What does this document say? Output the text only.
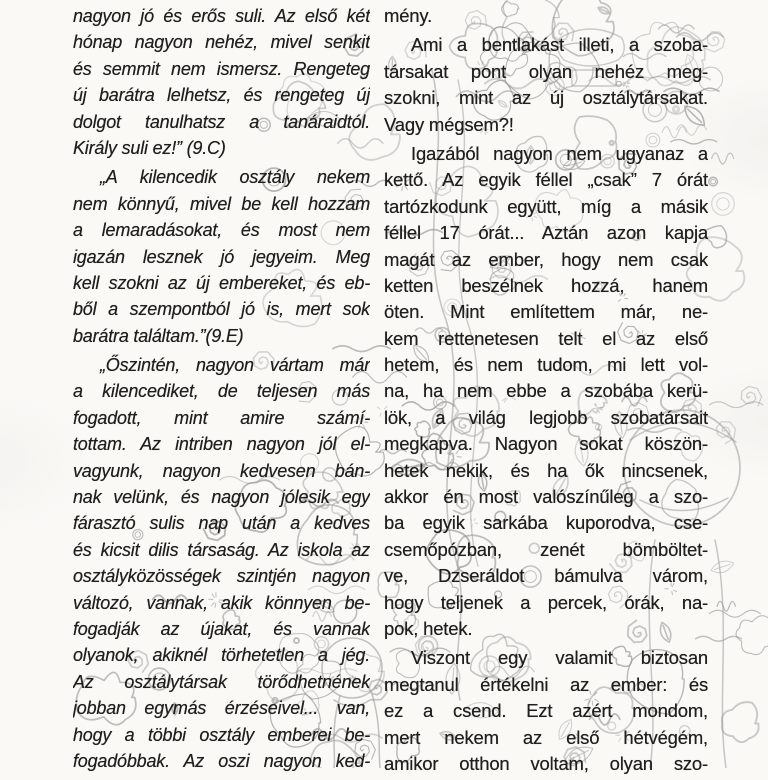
nagyon jó és erős suli. Az első két
hónap nagyon nehéz, mivel senkit
és semmit nem ismersz. Rengeteg
új barátra lelhetsz, és rengeteg új
dolgot tanulhatsz a tanáraidtól.
Király suli ez!” (9.C)
„A kilencedik osztály nekem
nem könnyű, mivel be kell hozzam
a lemaradásokat, és most nem
igazán lesznek jó jegyeim. Meg
kell szokni az új embereket, és eb-
ből a szempontból jó is, mert sok
barátra találtam.”(9.E)
„Őszintén, nagyon vártam már
a kilencediket, de teljesen más
fogadott, mint amire számí-
tottam. Az intriben nagyon jól el-
vagyunk, nagyon kedvesen bán-
nak velünk, és nagyon jólesik egy
fárasztó sulis nap után a kedves
és kicsit dilis társaság. Az iskola az
osztályközösségek szintjén nagyon
változó, vannak, akik könnyen be-
fogadják az újakat, és vannak
olyanok, akiknél törhetetlen a jég.
Az osztálytársak törődhetnének
jobban egymás érzéseivel... van,
hogy a többi osztály emberei be-
fogadóbbak. Az oszi nagyon ked-
mény.
Ami a bentlakást illeti, a szoba-
társakat pont olyan nehéz meg-
szokni, mint az új osztálytársakat.
Vagy mégsem?!
Igazából nagyon nem ugyanaz a
kettő. Az egyik féllel „csak” 7 órát
tartózkodunk együtt, míg a másik
féllel 17 órát... Aztán azon kapja
magát az ember, hogy nem csak
ketten beszélnek hozzá, hanem
öten. Mint említettem már, ne-
kem rettenetesen telt el az első
hetem, és nem tudom, mi lett vol-
na, ha nem ebbe a szobába kerü-
lök, a világ legjobb szobatársait
megkapva. Nagyon sokat köszön-
hetek nekik, és ha ők nincsenek,
akkor én most valószínűleg a szo-
ba egyik sarkába kuporodva, cse-
csemőpózban, zenét bömböltet-
ve, Dzseráldot bámulva várom,
hogy teljenek a percek, órák, na-
pok, hetek.
Viszont egy valamit biztosan
megtanul értékelni az ember: és
ez a csend. Ezt azért mondom,
mert nekem az első hétvégém,
amikor otthon voltam, olyan szo-
